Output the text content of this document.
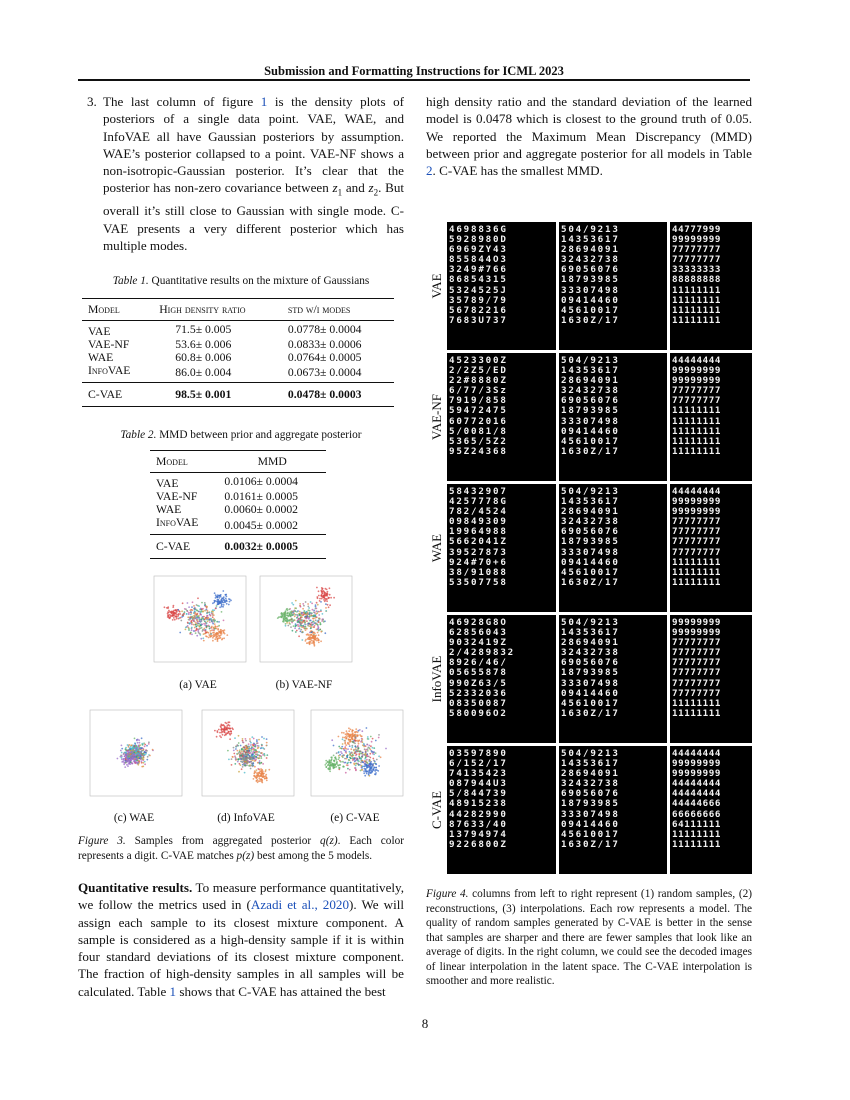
Submission and Formatting Instructions for ICML 2023
3. The last column of figure 1 is the density plots of posteriors of a single data point. VAE, WAE, and InfoVAE all have Gaussian posteriors by assumption. WAE’s posterior collapsed to a point. VAE-NF shows a non-isotropic-Gaussian posterior. It’s clear that the posterior has non-zero covariance between $z_1$ and $z_2$. But overall it’s still close to Gaussian with single mode. C-VAE presents a very different posterior which has multiple modes.
Table 1. Quantitative results on the mixture of Gaussians
Model	High density ratio	std w/i modes
VAE	71.5± 0.005	0.0778± 0.0004
VAE-NF	53.6± 0.006	0.0833± 0.0006
WAE	60.8± 0.006	0.0764± 0.0005
InfoVAE	86.0± 0.004	0.0673± 0.0004
C-VAE	98.5± 0.001	0.0478± 0.0003
Table 2. MMD between prior and aggregate posterior
Model	MMD
VAE	0.0106± 0.0004
VAE-NF	0.0161± 0.0005
WAE	0.0060± 0.0002
InfoVAE	0.0045± 0.0002
C-VAE	0.0032± 0.0005
(a) VAE	(b) VAE-NF
(c) WAE	(d) InfoVAE	(e) C-VAE
Figure 3. Samples from aggregated posterior q(z). Each color represents a digit. C-VAE matches p(z) best among the 5 models.

Quantitative results. To measure performance quantitatively, we follow the metrics used in (Azadi et al., 2020). We will assign each sample to its closest mixture component. A sample is considered as a high-density sample if it is within four standard deviations of its closest mixture component. The fraction of high-density samples in all samples will be calculated. Table 1 shows that C-VAE has attained the best

high density ratio and the standard deviation of the learned model is 0.0478 which is closest to the ground truth of 0.05. We reported the Maximum Mean Discrepancy (MMD) between prior and aggregate posterior for all models in Table 2. C-VAE has the smallest MMD.

VAE
4698836G
5928980D
6969ZY43
855844O3
3249#766
86854315
5324525J
35789/79
56782216
7683U737
504/9213
14353617
28694091
32432738
69056076
18793985
33307498
09414460
45610017
1630Z/17
44777999
99999999
77777777
77777777
33333333
88888888
11111111
11111111
11111111
11111111
VAE-NF
4523300Z
2/2Z5/ED
22#8880Z
6/77/3Sz
7919/858
59472475
60772016
5/0081/8
5365/5Z2
95Z24368
504/9213
14353617
28694091
32432738
69056076
18793985
33307498
09414460
45610017
1630Z/17
44444444
99999999
99999999
77777777
77777777
11111111
11111111
11111111
11111111
11111111
WAE
58432907
4257778G
782/4524
09849309
19964988
5662041Z
39527873
924#70+6
38/91088
53507758
504/9213
14353617
28694091
32432738
69056076
18793985
33307498
09414460
45610017
1630Z/17
44444444
99999999
99999999
77777777
77777777
77777777
77777777
11111111
11111111
11111111
InfoVAE
46928G8O
62856043
9032419Z
2/4289832
8926/46/
05655878
990Z63/5
52332036
08350087
580096O2
504/9213
14353617
28694091
32432738
69056076
18793985
33307498
09414460
45610017
1630Z/17
99999999
99999999
77777777
77777777
77777777
77777777
77777777
77777777
11111111
11111111
C-VAE
03597890
6/152/17
74135423
087944U3
5/844739
48915238
44282990
87633/40
13794974
9226800Z
504/9213
14353617
28694091
32432738
69056076
18793985
33307498
09414460
45610017
1630Z/17
44444444
99999999
99999999
44444444
44444444
44444666
66666666
64111111
11111111
11111111
Figure 4. columns from left to right represent (1) random samples, (2) reconstructions, (3) interpolations. Each row represents a model. The quality of random samples generated by C-VAE is better in the sense that samples are sharper and there are fewer samples that look like an average of digits. In the right column, we could see the decoded images of linear interpolation in the latent space. The C-VAE interpolation is smoother and more realistic.
8
